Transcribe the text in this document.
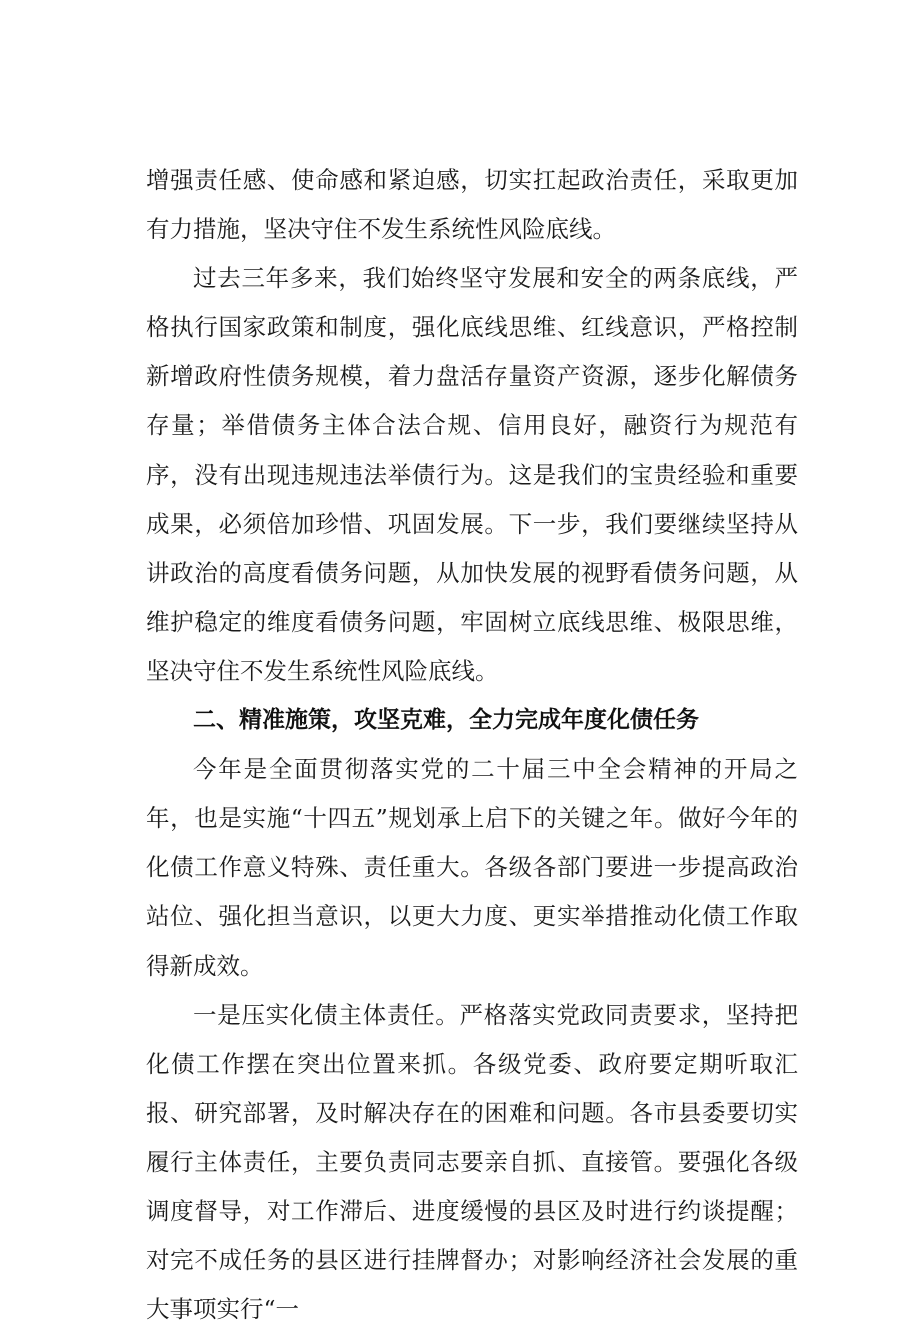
增强责任感、使命感和紧迫感，切实扛起政治责任，采取更加有力措施，坚决守住不发生系统性风险底线。

过去三年多来，我们始终坚守发展和安全的两条底线，严格执行国家政策和制度，强化底线思维、红线意识，严格控制新增政府性债务规模，着力盘活存量资产资源，逐步化解债务存量；举借债务主体合法合规、信用良好，融资行为规范有序，没有出现违规违法举债行为。这是我们的宝贵经验和重要成果，必须倍加珍惜、巩固发展。下一步，我们要继续坚持从讲政治的高度看债务问题，从加快发展的视野看债务问题，从维护稳定的维度看债务问题，牢固树立底线思维、极限思维，坚决守住不发生系统性风险底线。

二、精准施策，攻坚克难，全力完成年度化债任务

今年是全面贯彻落实党的二十届三中全会精神的开局之年，也是实施“十四五”规划承上启下的关键之年。做好今年的化债工作意义特殊、责任重大。各级各部门要进一步提高政治站位、强化担当意识，以更大力度、更实举措推动化债工作取得新成效。

一是压实化债主体责任。严格落实党政同责要求，坚持把化债工作摆在突出位置来抓。各级党委、政府要定期听取汇报、研究部署，及时解决存在的困难和问题。各市县委要切实履行主体责任，主要负责同志要亲自抓、直接管。要强化各级调度督导，对工作滞后、进度缓慢的县区及时进行约谈提醒；对完不成任务的县区进行挂牌督办；对影响经济社会发展的重大事项实行“一
